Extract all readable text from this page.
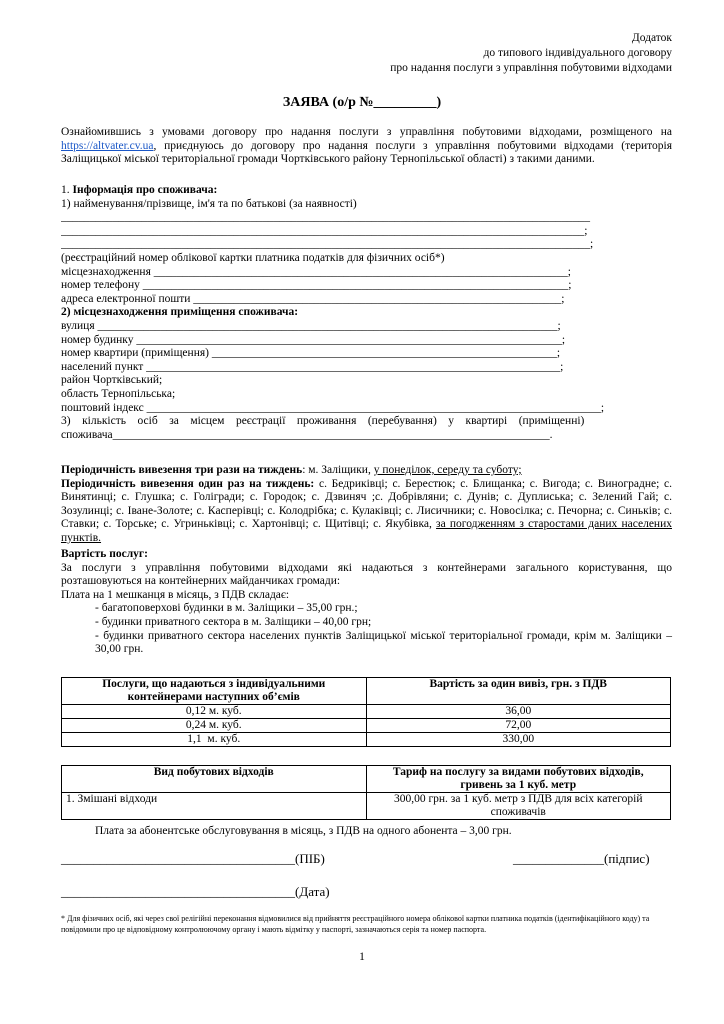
Додаток
до типового індивідуального договору
про надання послуги з управління побутовими відходами
ЗАЯВА (о/р №_________)
Ознайомившись з умовами договору про надання послуги з управління побутовими відходами, розміщеного на https://altvater.cv.ua, приєднуюсь до договору про надання послуги з управління побутовими відходами (територія Заліщицької міської територіальної громади Чортківського району Тернопільської області) з такими даними.
1. Інформація про споживача:
1) найменування/прізвище, ім'я та по батькові (за наявності)
____________________________________________________________________________________________
___________________________________________________________________________________________;
____________________________________________________________________________________________;
(реєстраційний номер облікової картки платника податків для фізичних осіб*)
місцезнаходження ________________________________________________________________________;
номер телефону __________________________________________________________________________;
адреса електронної пошти ________________________________________________________________;
2) місцезнаходження приміщення споживача:
вулиця ________________________________________________________________________________;
номер будинку __________________________________________________________________________;
номер квартири (приміщення) ____________________________________________________________;
населений пункт ________________________________________________________________________;
район Чортківський;
область Тернопільська;
поштовий індекс _______________________________________________________________________________;
3)    кількість    осіб    за    місцем    реєстрації    проживання    (перебування)    у    квартирі    (приміщенні)
споживача____________________________________________________________________________.
Періодичність вивезення три рази на тиждень: м. Заліщики, у понеділок, середу та суботу;
Періодичність вивезення один раз на тиждень: с. Бедриківці; с. Берестюк; с. Блищанка; с. Вигода; с. Виноградне; с. Винятинці; с. Глушка; с. Голігради; с. Городок; с. Дзвиняч ;с. Добрівляни; с. Дунів; с. Дуплиська; с. Зелений Гай; с. Зозулинці; с. Іване-Золоте; с. Касперівці; с. Колодрібка; с. Кулаківці; с. Лисичники; с. Новосілка; с. Печорна; с. Синьків; с. Ставки; с. Торське; с. Угриньківці; с. Хартонівці; с. Щитівці; с. Якубівка, за погодженням з старостами даних населених пунктів.
Вартість послуг:
За послуги з управління побутовими відходами які надаються з контейнерами загального користування, що розташовуються на контейнерних майданчиках громади:
Плата на 1 мешканця в місяць, з ПДВ складає:
- багатоповерхові будинки в м. Заліщики – 35,00 грн.;
- будинки приватного сектора в м. Заліщики – 40,00 грн;
- будинки приватного сектора населених пунктів Заліщицької міської територіальної громади, крім м. Заліщики – 30,00 грн.
Послуги, що надаються з індивідуальними контейнерами наступних об’ємів	Вартість за один вивіз, грн. з ПДВ
0,12 м. куб.	36,00
0,24 м. куб.	72,00
1,1  м. куб.	330,00
Вид побутових відходів	Тариф на послугу за видами побутових відходів, гривень за 1 куб. метр
1. Змішані відходи	300,00 грн. за 1 куб. метр з ПДВ для всіх категорій споживачів
Плата за абонентське обслуговування в місяць, з ПДВ на одного абонента – 3,00 грн.
____________________________________(ПІБ)	______________(підпис)
____________________________________(Дата)
* Для фізичних осіб, які через свої релігійні переконання відмовилися від прийняття реєстраційного номера облікової картки платника податків (ідентифікаційного коду) та повідомили про це відповідному контролюючому органу і мають відмітку у паспорті, зазначаються серія та номер паспорта.
1
